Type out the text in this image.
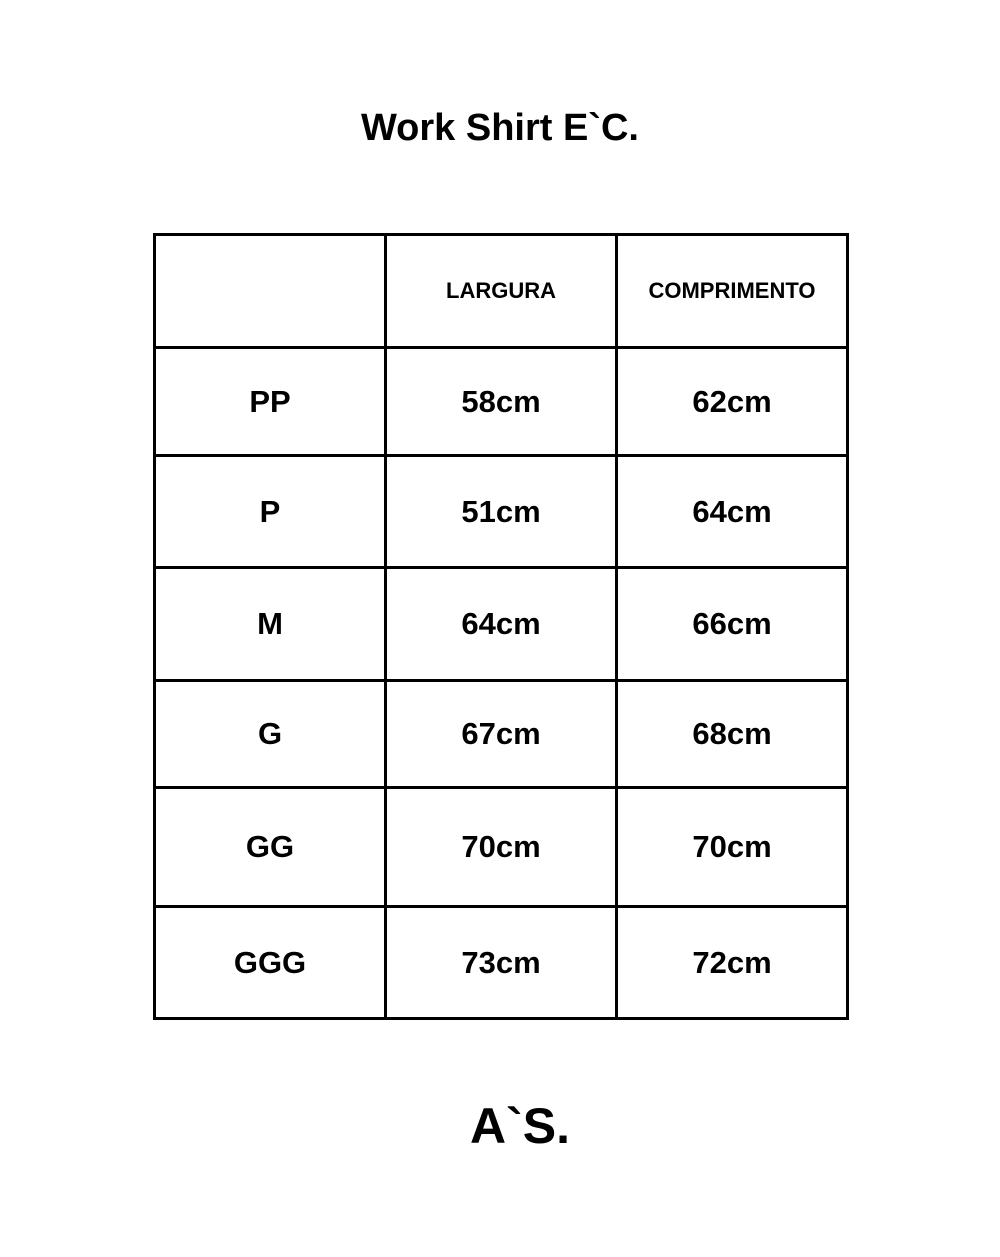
Work Shirt E`C.
	LARGURA	COMPRIMENTO
PP	58cm	62cm
P	51cm	64cm
M	64cm	66cm
G	67cm	68cm
GG	70cm	70cm
GGG	73cm	72cm
A`S.
